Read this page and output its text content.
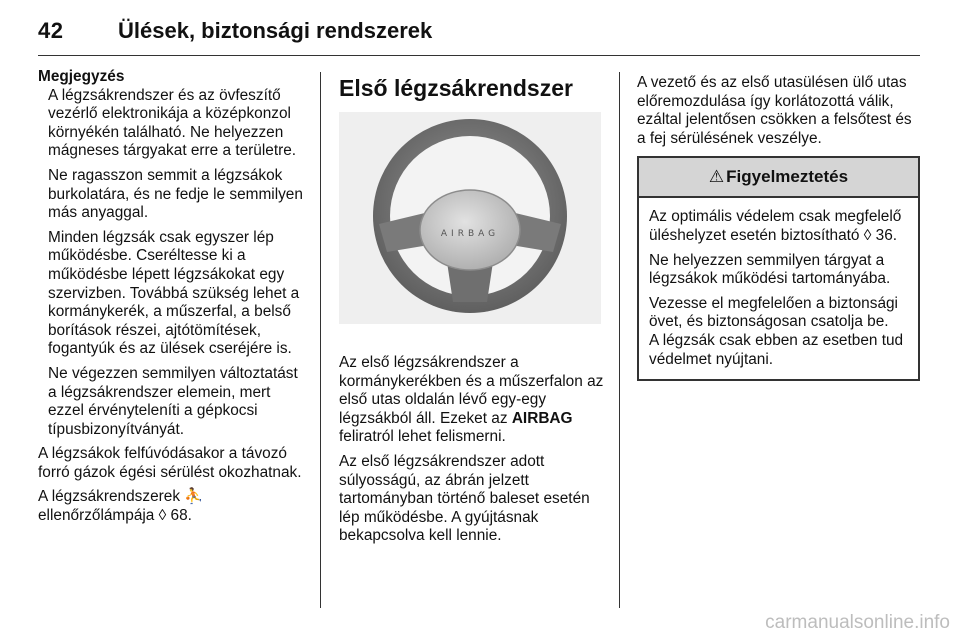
42 Ülések, biztonsági rendszerek
Megjegyzés

A légzsákrendszer és az övfeszítő vezérlő elektronikája a középkonzol környékén található. Ne helyezzen mágneses tárgyakat erre a területre.

Ne ragasszon semmit a légzsákok burkolatára, és ne fedje le semmilyen más anyaggal.

Minden légzsák csak egyszer lép működésbe. Cseréltesse ki a működésbe lépett légzsákokat egy szervizben. Továbbá szükség lehet a kormánykerék, a műszerfal, a belső borítások részei, ajtótömítések, fogantyúk és az ülések cseréjére is.

Ne végezzen semmilyen változtatást a légzsákrendszer elemein, mert ezzel érvényteleníti a gépkocsi típusbizonyítványát.

A légzsákok felfúvódásakor a távozó forró gázok égési sérülést okozhatnak.

A légzsákrendszerek ⛹
ellenőrzőlámpája ◊ 68.

Első légzsákrendszer
AIRBAG

Az első légzsákrendszer a kormánykerékben és a műszerfalon az első utas oldalán lévő egy-egy légzsákból áll. Ezeket az AIRBAG feliratról lehet felismerni.

Az első légzsákrendszer adott súlyosságú, az ábrán jelzett tartományban történő baleset esetén lép működésbe. A gyújtásnak bekapcsolva kell lennie.

A vezető és az első utasülésen ülő utas előremozdulása így korlátozottá válik, ezáltal jelentősen csökken a felsőtest és a fej sérülésének veszélye.

⚠ Figyelmeztetés

Az optimális védelem csak megfelelő üléshelyzet esetén biztosítható ◊ 36.

Ne helyezzen semmilyen tárgyat a légzsákok működési tartományába.

Vezesse el megfelelően a biztonsági övet, és biztonságosan csatolja be.

A légzsák csak ebben az esetben tud védelmet nyújtani.

carmanualsonline.info
